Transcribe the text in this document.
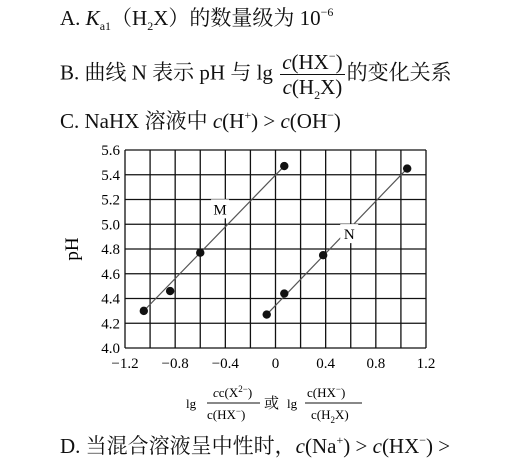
A. $K_{a1}(H_2X)$的数量级为 $10^{-6}$
B. 曲线 N 表示 pH 与 $\lg \frac{c(HX^-)}{c(H_2X)}$ 的变化关系
C. NaHX 溶液中 c(H+) > c(OH−)
pH
lg
$cc(X^{2-})$
c(HX−)
或 lg
c(HX−)
$c(H_2X)$
4.0
4.2
4.4
4.6
4.8
5.0
5.2
5.4
5.6
−1.2 −0.8 −0.4 0 0.4 0.8 1.2
M
N
D. 当混合溶液呈中性时，c(Na+) > c(HX−) >
